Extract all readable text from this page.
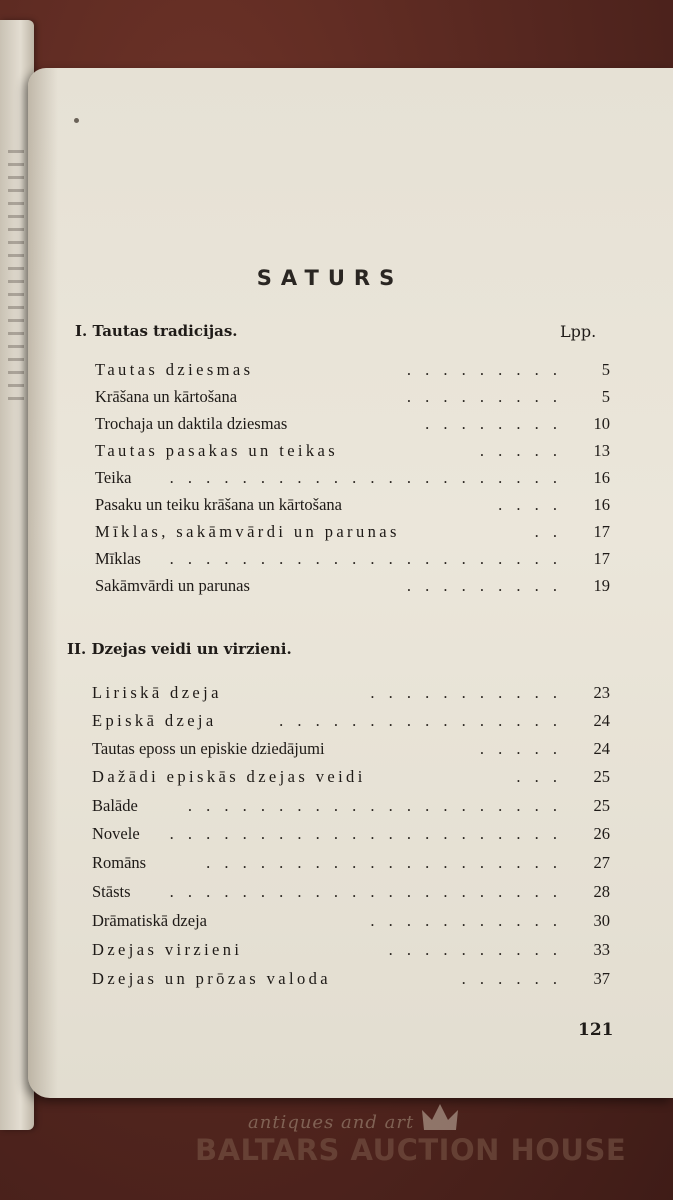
SATURS
I. Tautas tradicijas.	Lpp.
Tautas dziesmas	. . . . . . . . . 5
Krāšana un kārtošana	. . . . . . . . . 5
Trochaja un daktila dziesmas	. . . . . . . . 10
Tautas pasakas un teikas	. . . . . 13
Teika	. . . . . . . . . . . . . . . . . . . . . . 16
Pasaku un teiku krāšana un kārtošana	. . . . 16
Mīklas, sakāmvārdi un parunas	. . 17
Mīklas	. . . . . . . . . . . . . . . . . . . . . . 17
Sakāmvārdi un parunas	. . . . . . . . . 19
II. Dzejas veidi un virzieni.
Liriskā dzeja	. . . . . . . . . . . 23
Episkā dzeja	. . . . . . . . . . . . . . . . 24
Tautas eposs un episkie dziedājumi	. . . . . 24
Dažādi episkās dzejas veidi	. . . 25
Balāde	. . . . . . . . . . . . . . . . . . . . . 25
Novele	. . . . . . . . . . . . . . . . . . . . . . 26
Romāns	. . . . . . . . . . . . . . . . . . . . 27
Stāsts	. . . . . . . . . . . . . . . . . . . . . . 28
Drāmatiskā dzeja	. . . . . . . . . . . 30
Dzejas virzieni	. . . . . . . . . . 33
Dzejas un prōzas valoda	. . . . . . 37
121
antiques and art
BALTARS AUCTION HOUSE
